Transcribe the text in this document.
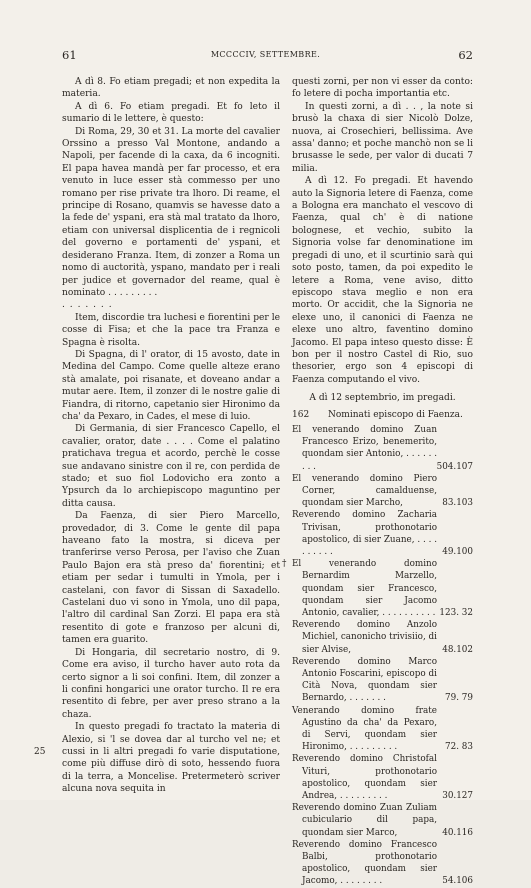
61	MCCCCIV, SETTEMBRE.	62
25

A dì 8. Fo etiam pregadi; et non expedita la materia.

A dì 6. Fo etiam pregadi. Et fo leto il sumario di le lettere, è questo:

Di Roma, 29, 30 et 31. La morte del cavalier Orssino a presso Val Montone, andando a Napoli, per facende di la caxa, da 6 incogniti. El papa havea mandà per far processo, et era venuto in luce esser stà commesso per uno romano per rise private tra lhoro. Di reame, el principe di Rosano, quamvis se havesse dato a la fede de' yspani, era stà mal tratato da lhoro, etiam con universal displicentia de i regnicoli del governo e portamenti de' yspani, et desiderano Franza. Item, di zonzer a Roma un nomo di auctorità, yspano, mandato per i reali per judice et governador del reame, qual è nominato . . . . . . . . .

. . . . . . .

Item, discordie tra luchesi e fiorentini per le cosse di Fisa; et che la pace tra Franza e Spagna è risolta.

Di Spagna, di l' orator, di 15 avosto, date in Medina del Campo. Come quelle alteze erano stà amalate, poi risanate, et doveano andar a mutar aere. Item, il zonzer di le nostre galie di Fiandra, di ritorno, capetanio sier Hironimo da cha' da Pexaro, in Cades, el mese di luio.

Di Germania, di sier Francesco Capello, el cavalier, orator, date . . . . Come el palatino pratichava tregua et acordo, perchè le cosse sue andavano sinistre con il re, con perdida de stado; et suo fiol Lodovicho era zonto a Ypsurch da lo archiepiscopo maguntino per ditta causa.

Da Faenza, di sier Piero Marcello, provedador, di 3. Come le gente dil papa haveano fato la mostra, si diceva per tranferirse verso Perosa, per l'aviso che Zuan Paulo Bajon era stà preso da' fiorentini; et etiam per sedar i tumulti in Ymola, per i castelani, con favor di Sissan di Saxadello. Castelani duo vi sono in Ymola, uno dil papa, l'altro dil cardinal San Zorzi. El papa era stà resentito di gote e franzoso per alcuni di, tamen era guarito.

Di Hongaria, dil secretario nostro, di 9. Come era aviso, il turcho haver auto rota da certo signor a li soi confini. Item, dil zonzer a li confini hongarici une orator turcho. Il re era resentito di febre, per aver preso strano a la chaza.

In questo pregadi fo tractato la materia di Alexio, si 'l se dovea dar al turcho vel ne; et cussi in li altri pregadi fo varie disputatione, come più diffuse dirò di soto, hessendo fuora di la terra, a Moncelise. Pretermeterò scriver alcuna nova sequita in

questi zorni, per non vi esser da conto: fo letere di pocha importantia etc.

In questi zorni, a dì . . , la note si brusò la chaxa di sier Nicolò Dolze, nuova, ai Crosechieri, bellissima. Ave assa' danno; et poche manchò non se li brusasse le sede, per valor di ducati 7 milia.

A dì 12. Fo pregadi. Et havendo auto la Signoria letere di Faenza, come a Bologna era manchato el vescovo di Faenza, qual ch' è di natione bolognese, et vechio, subito la Signoria volse far denominatione im pregadi di uno, et il scurtinio sarà qui soto posto, tamen, da poi expedito le letere a Roma, vene aviso, ditto episcopo stava meglio e non era morto. Or accidit, che la Signoria ne elexe uno, il canonici di Faenza ne elexe uno altro, faventino domino Jacomo. El papa inteso questo disse: È bon per il nostro Castel di Rio, suo thesorier, ergo son 4 episcopi di Faenza computando el vivo.

A dì 12 septembrio, im pregadi.

162	Nominati episcopo di Faenza.

El venerando domino Zuan Francesco Erizo, benemerito, quondam sier Antonio, . . . . . . . . .	504.107

El venerando domino Piero Corner, camalduense, quondam sier Marcho,	83.103

Reverendo domino Zacharia Trivisan, prothonotario apostolico, di sier Zuane, . . . . . . . . . .	49.100

† El venerando domino Bernardim Marzello, quondam sier Francesco, quondam sier Jacomo Antonio, cavalier, . . . . . . . . . . 123. 32

Reverendo domino Anzolo Michiel, canonicho trivisiio, di sier Alvise,	48.102

Reverendo domino Marco Antonio Foscarini, episcopo di Cità Nova, quondam sier Bernardo, . . . . . . .	79. 79

Venerando domino frate Agustino da cha' da Pexaro, di Servi, quondam sier Hironimo, . . . . . . . . .	72. 83

Reverendo domino Christofal Vituri, prothonotario apostolico, quondam sier Andrea, . . . . . . . . .	30.127

Reverendo domino Zuan Zuliam cubiculario dil papa, quondam sier Marco,	40.116

Reverendo domino Francesco Balbi, prothonotario apostolico, quondam sier Jacomo, . . . . . . . .	54.106
